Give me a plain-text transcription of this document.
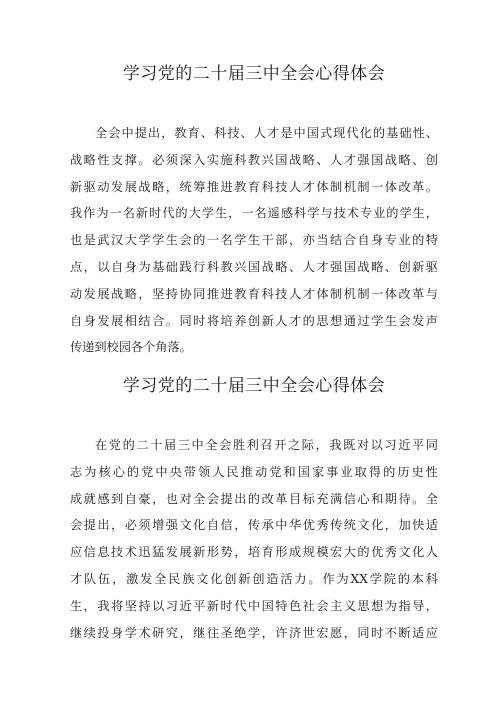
学习党的二十届三中全会心得体会
全会中提出，教育、科技、人才是中国式现代化的基础性、
战略性支撑。必须深入实施科教兴国战略、人才强国战略、创
新驱动发展战略，统筹推进教育科技人才体制机制一体改革。
我作为一名新时代的大学生，一名遥感科学与技术专业的学生，
也是武汉大学学生会的一名学生干部，亦当结合自身专业的特
点，以自身为基础践行科教兴国战略、人才强国战略、创新驱
动发展战略，坚持协同推进教育科技人才体制机制一体改革与
自身发展相结合。同时将培养创新人才的思想通过学生会发声
传递到校园各个角落。
学习党的二十届三中全会心得体会
在党的二十届三中全会胜利召开之际，我既对以习近平同
志为核心的党中央带领人民推动党和国家事业取得的历史性
成就感到自豪，也对全会提出的改革目标充满信心和期待。全
会提出，必须增强文化自信，传承中华优秀传统文化，加快适
应信息技术迅猛发展新形势，培育形成规模宏大的优秀文化人
才队伍，激发全民族文化创新创造活力。作为XX学院的本科
生，我将坚持以习近平新时代中国特色社会主义思想为指导，
继续投身学术研究，继往圣绝学，许济世宏愿，同时不断适应
